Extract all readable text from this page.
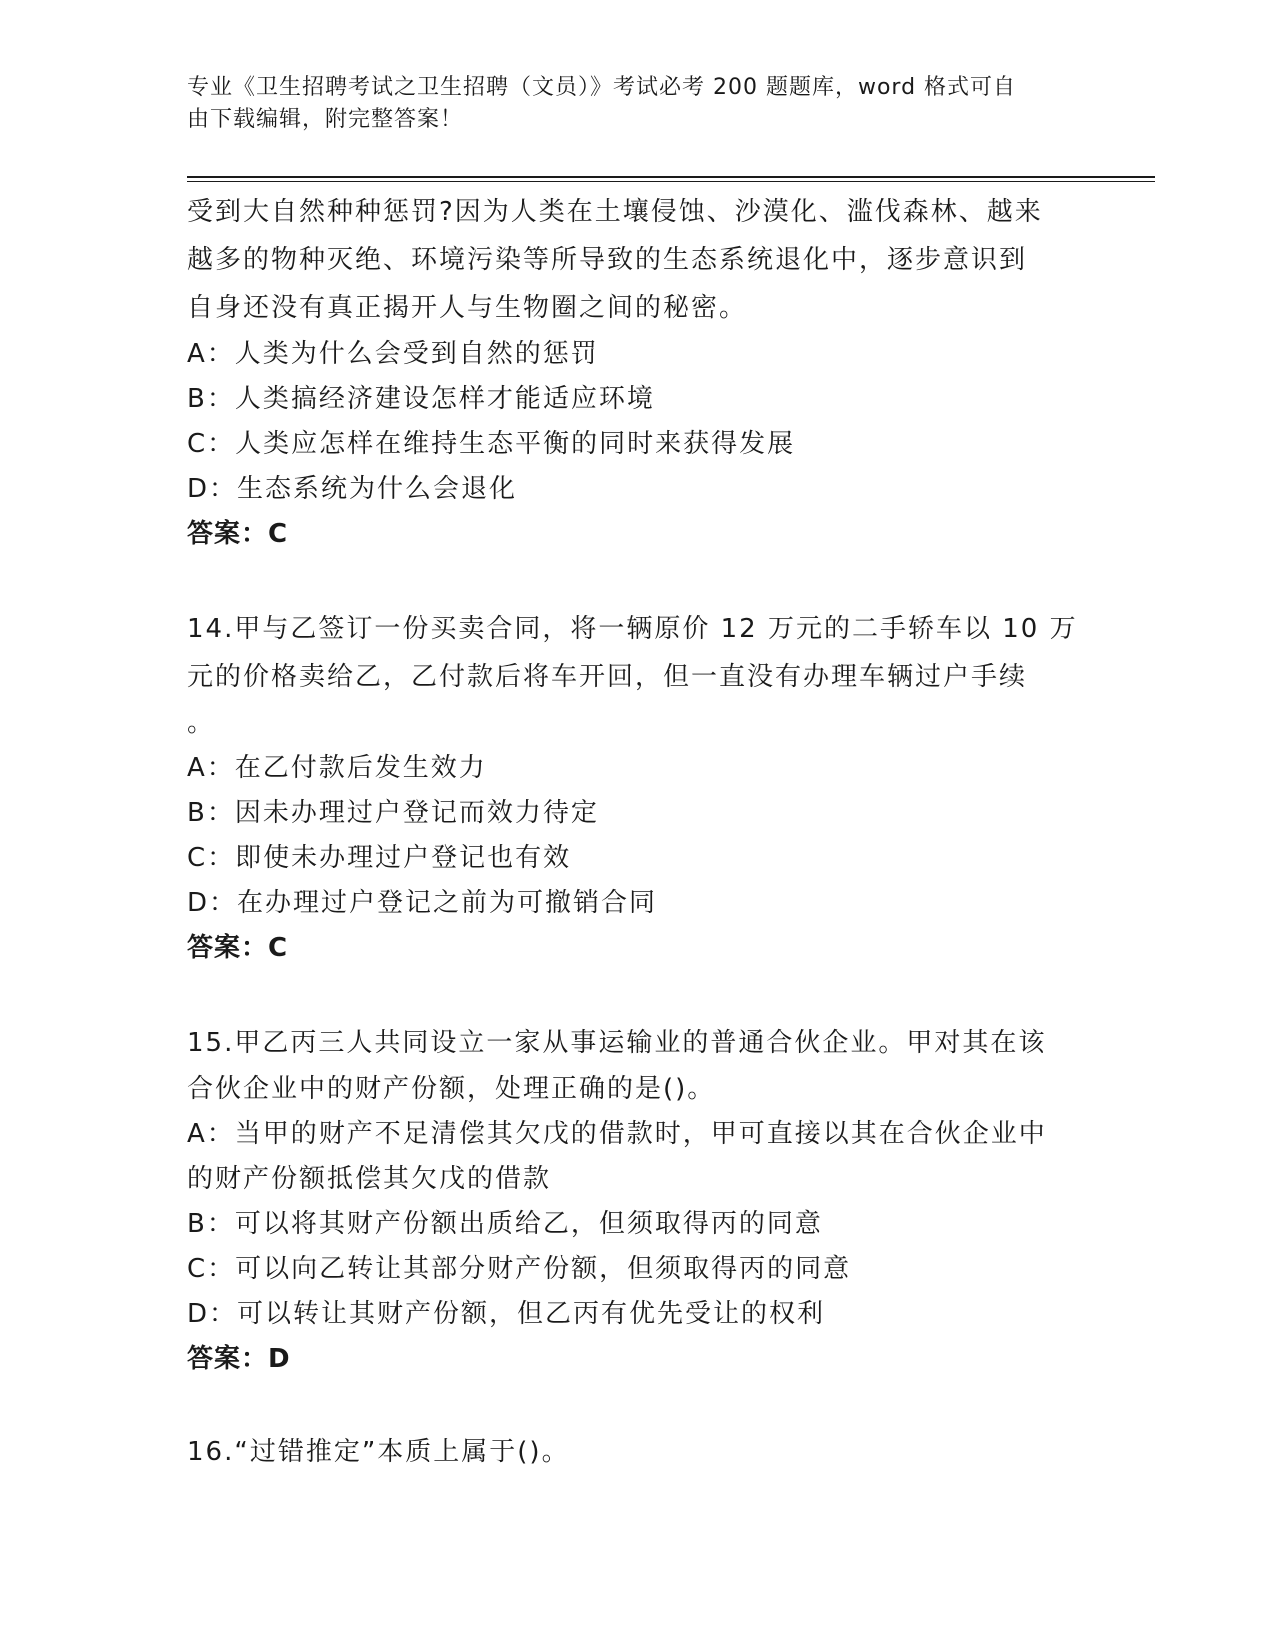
专业《卫生招聘考试之卫生招聘（文员）》考试必考 200 题题库，word 格式可自
由下载编辑，附完整答案！
受到大自然种种惩罚?因为人类在土壤侵蚀、沙漠化、滥伐森林、越来
越多的物种灭绝、环境污染等所导致的生态系统退化中，逐步意识到
自身还没有真正揭开人与生物圈之间的秘密。
A：人类为什么会受到自然的惩罚
B：人类搞经济建设怎样才能适应环境
C：人类应怎样在维持生态平衡的同时来获得发展
D：生态系统为什么会退化
答案：C
14.甲与乙签订一份买卖合同，将一辆原价 12 万元的二手轿车以 10 万
元的价格卖给乙，乙付款后将车开回，但一直没有办理车辆过户手续
。
A：在乙付款后发生效力
B：因未办理过户登记而效力待定
C：即使未办理过户登记也有效
D：在办理过户登记之前为可撤销合同
答案：C
15.甲乙丙三人共同设立一家从事运输业的普通合伙企业。甲对其在该
合伙企业中的财产份额，处理正确的是()。
A：当甲的财产不足清偿其欠戊的借款时，甲可直接以其在合伙企业中
的财产份额抵偿其欠戊的借款
B：可以将其财产份额出质给乙，但须取得丙的同意
C：可以向乙转让其部分财产份额，但须取得丙的同意
D：可以转让其财产份额，但乙丙有优先受让的权利
答案：D
16.“过错推定”本质上属于()。
